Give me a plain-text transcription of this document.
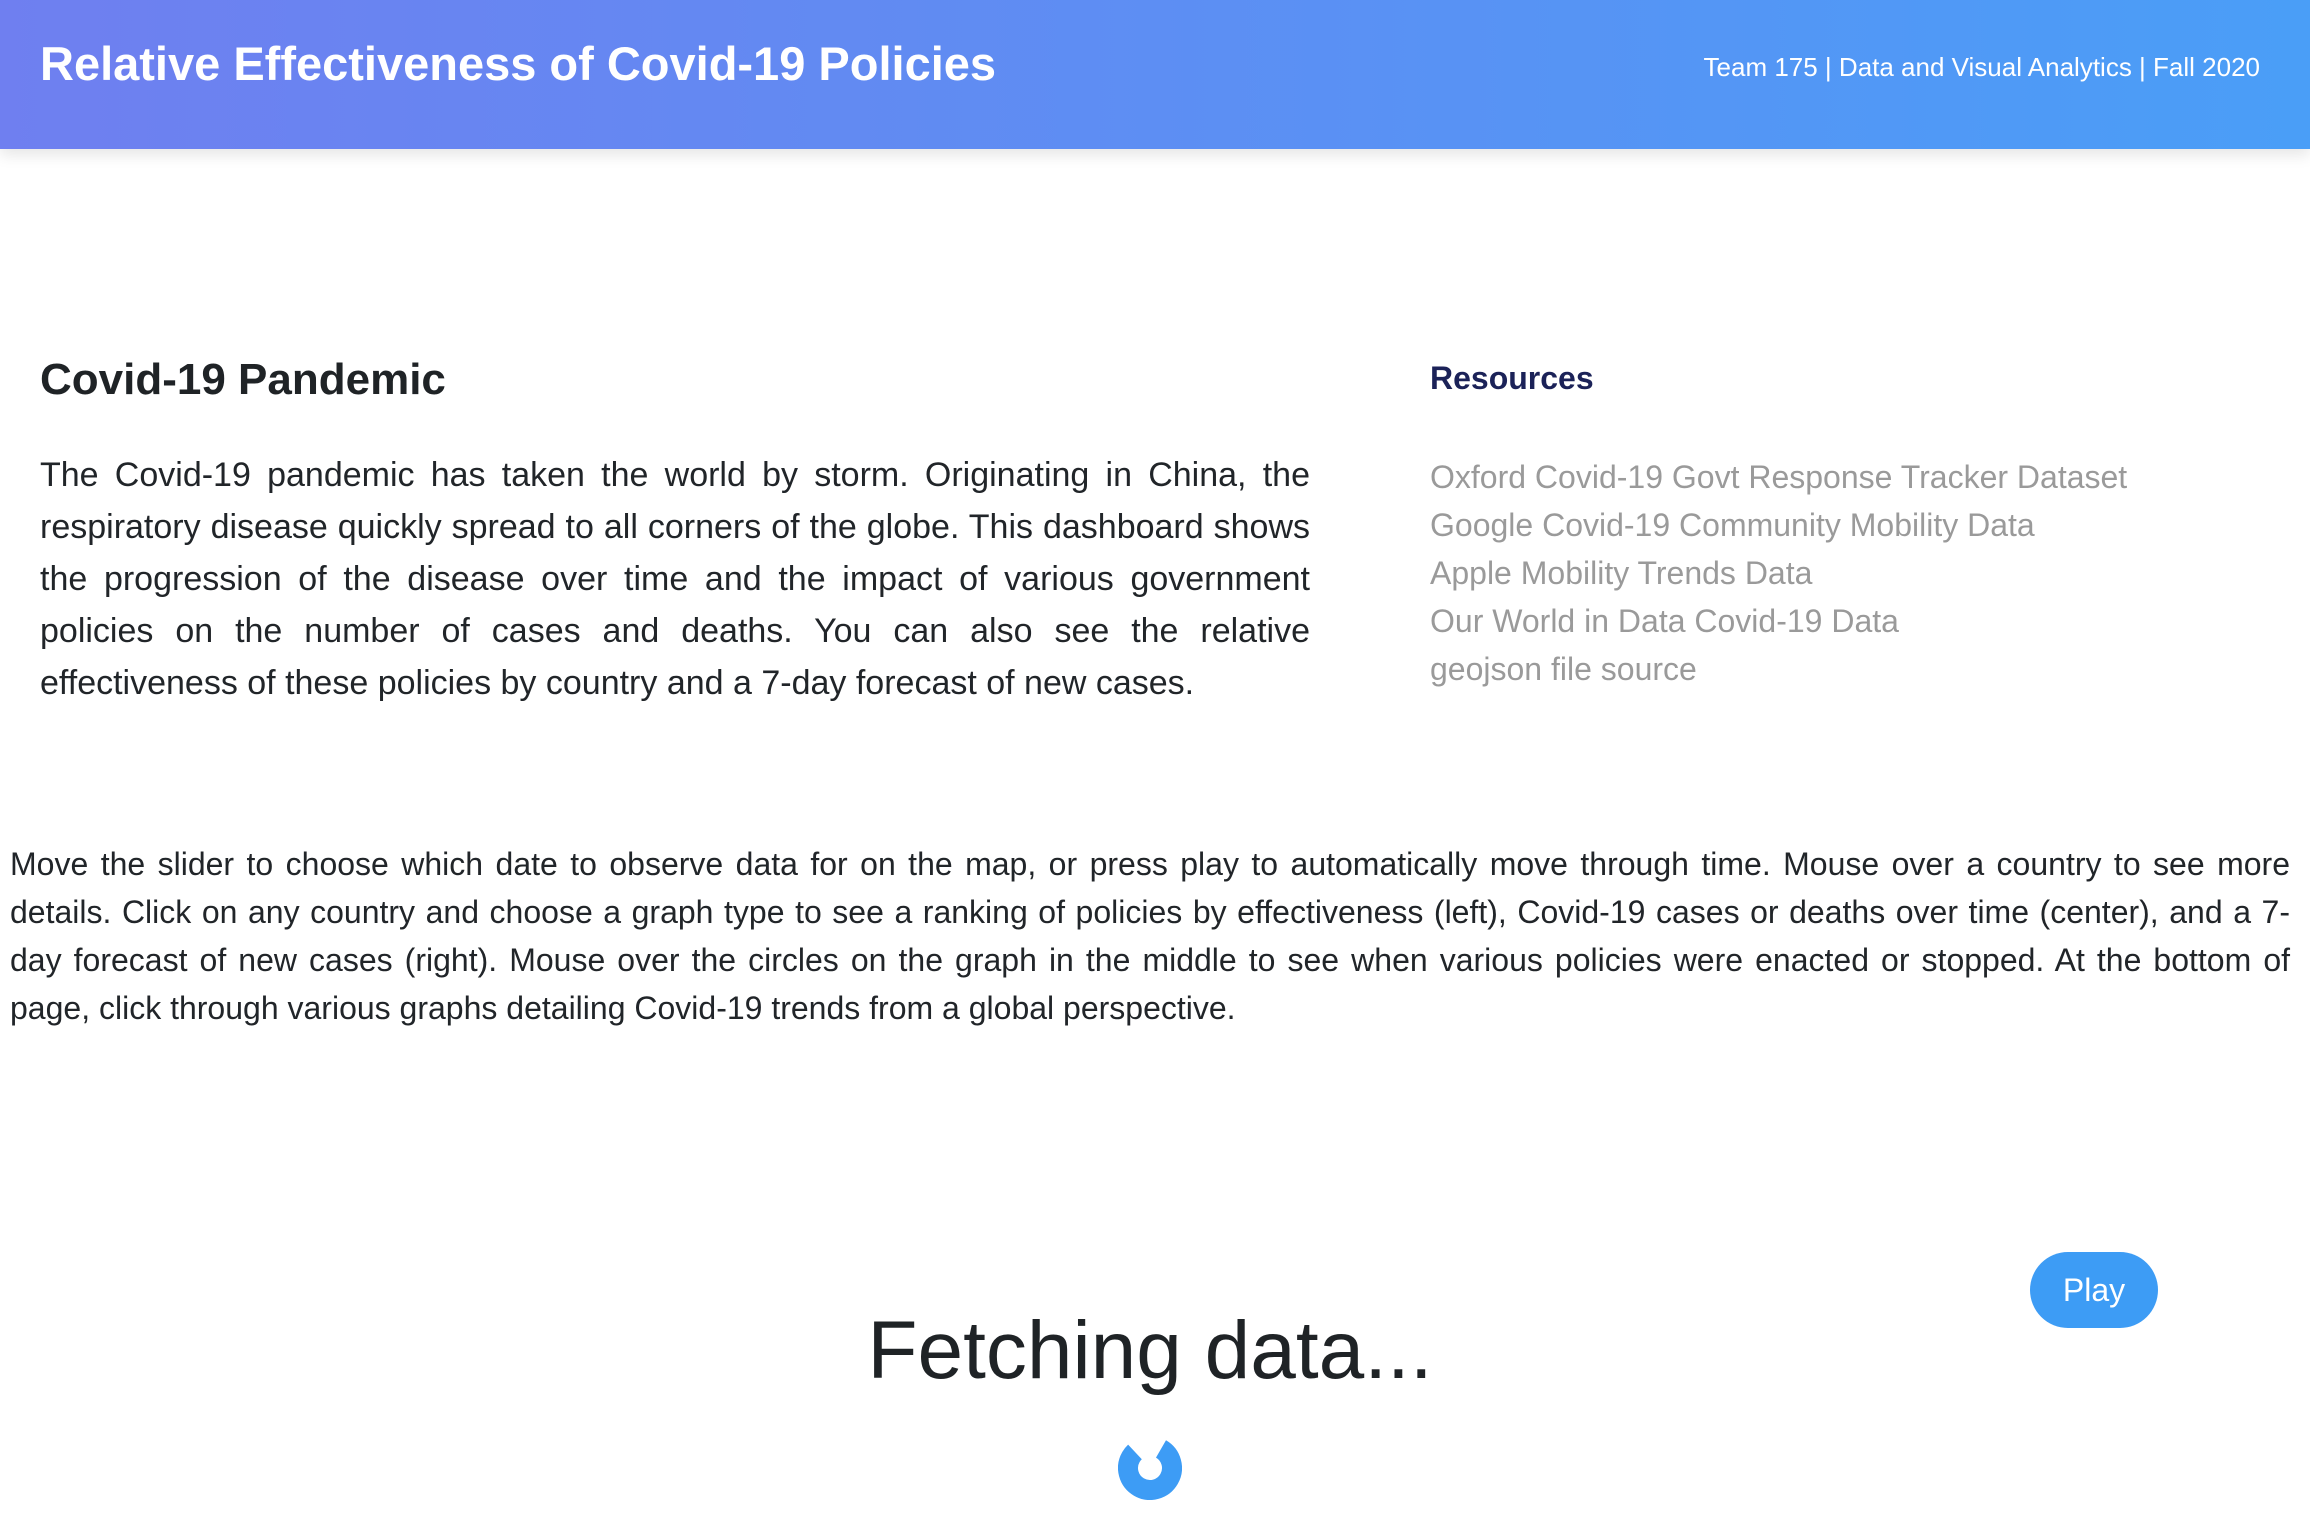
Relative Effectiveness of Covid-19 Policies	Team 175 | Data and Visual Analytics | Fall 2020
Covid-19 Pandemic

The Covid-19 pandemic has taken the world by storm. Originating in China, the respiratory disease quickly spread to all corners of the globe. This dashboard shows the progression of the disease over time and the impact of various government policies on the number of cases and deaths. You can also see the relative effectiveness of these policies by country and a 7-day forecast of new cases.

Resources
Oxford Covid-19 Govt Response Tracker Dataset
Google Covid-19 Community Mobility Data
Apple Mobility Trends Data
Our World in Data Covid-19 Data
geojson file source

Move the slider to choose which date to observe data for on the map, or press play to automatically move through time. Mouse over a country to see more details. Click on any country and choose a graph type to see a ranking of policies by effectiveness (left), Covid-19 cases or deaths over time (center), and a 7-day forecast of new cases (right). Mouse over the circles on the graph in the middle to see when various policies were enacted or stopped. At the bottom of page, click through various graphs detailing Covid-19 trends from a global perspective.

Play

Fetching data...
